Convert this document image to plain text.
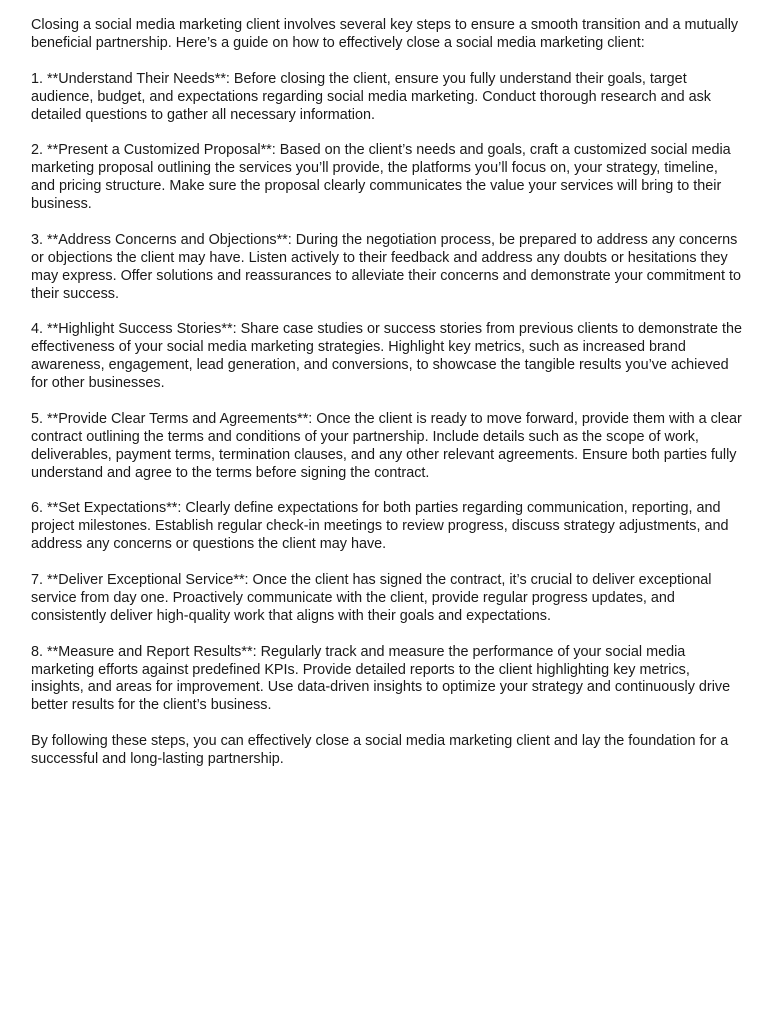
Closing a social media marketing client involves several key steps to ensure a smooth transition and a mutually beneficial partnership. Here’s a guide on how to effectively close a social media marketing client:

1. **Understand Their Needs**: Before closing the client, ensure you fully understand their goals, target audience, budget, and expectations regarding social media marketing. Conduct thorough research and ask detailed questions to gather all necessary information.

2. **Present a Customized Proposal**: Based on the client’s needs and goals, craft a customized social media marketing proposal outlining the services you’ll provide, the platforms you’ll focus on, your strategy, timeline, and pricing structure. Make sure the proposal clearly communicates the value your services will bring to their business.

3. **Address Concerns and Objections**: During the negotiation process, be prepared to address any concerns or objections the client may have. Listen actively to their feedback and address any doubts or hesitations they may express. Offer solutions and reassurances to alleviate their concerns and demonstrate your commitment to their success.

4. **Highlight Success Stories**: Share case studies or success stories from previous clients to demonstrate the effectiveness of your social media marketing strategies. Highlight key metrics, such as increased brand awareness, engagement, lead generation, and conversions, to showcase the tangible results you’ve achieved for other businesses.

5. **Provide Clear Terms and Agreements**: Once the client is ready to move forward, provide them with a clear contract outlining the terms and conditions of your partnership. Include details such as the scope of work, deliverables, payment terms, termination clauses, and any other relevant agreements. Ensure both parties fully understand and agree to the terms before signing the contract.

6. **Set Expectations**: Clearly define expectations for both parties regarding communication, reporting, and project milestones. Establish regular check-in meetings to review progress, discuss strategy adjustments, and address any concerns or questions the client may have.

7. **Deliver Exceptional Service**: Once the client has signed the contract, it’s crucial to deliver exceptional service from day one. Proactively communicate with the client, provide regular progress updates, and consistently deliver high-quality work that aligns with their goals and expectations.

8. **Measure and Report Results**: Regularly track and measure the performance of your social media marketing efforts against predefined KPIs. Provide detailed reports to the client highlighting key metrics, insights, and areas for improvement. Use data-driven insights to optimize your strategy and continuously drive better results for the client’s business.

By following these steps, you can effectively close a social media marketing client and lay the foundation for a successful and long-lasting partnership.
